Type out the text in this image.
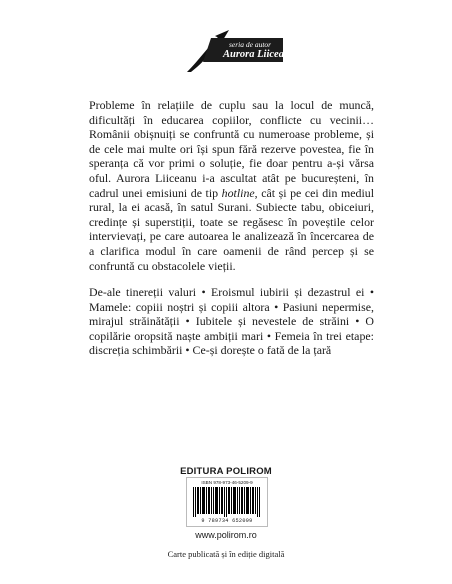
seria de autor
Aurora Liiceanu

Probleme în relațiile de cuplu sau la locul de muncă, dificultăți în educarea copiilor, conflicte cu vecinii… Românii obișnuiți se confruntă cu numeroase probleme, și de cele mai multe ori își spun fără rezerve povestea, fie în speranța că vor primi o soluție, fie doar pentru a-și vărsa oful. Aurora Liiceanu i-a ascultat atât pe bucureșteni, în cadrul unei emisiuni de tip hotline, cât și pe cei din mediul rural, la ei acasă, în satul Surani. Subiecte tabu, obiceiuri, credințe și superstiții, toate se regăsesc în poveștile celor intervievați, pe care autoarea le analizează în încercarea de a clarifica modul în care oamenii de rând percep și se confruntă cu obstacolele vieții.

De-ale tinereții valuri • Eroismul iubirii și dezastrul ei • Mamele: copiii noștri și copiii altora • Pasiuni nepermise, mirajul străinătății • Iubitele și nevestele de străini • O copilărie oropsită naște ambiții mari • Femeia în trei etape: discreția schimbării • Ce-și dorește o fată de la țară

EDITURA POLIROM
ISBN 978-973-46-5209-9
9 789734 652099
www.polirom.ro
Carte publicată și în ediție digitală
